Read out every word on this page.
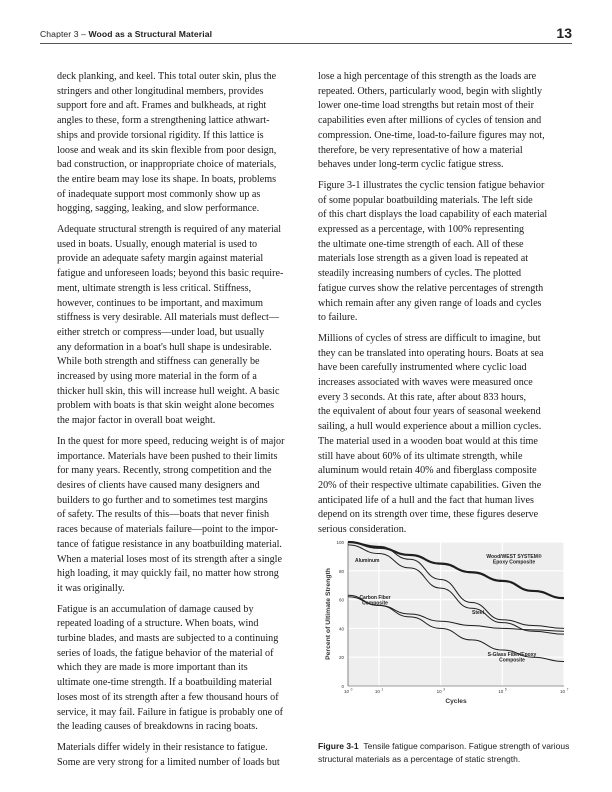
Chapter 3 – Wood as a Structural Material	13

deck planking, and keel. This total outer skin, plus the
stringers and other longitudinal members, provides
support fore and aft. Frames and bulkheads, at right
angles to these, form a strengthening lattice athwart-
ships and provide torsional rigidity. If this lattice is
loose and weak and its skin flexible from poor design,
bad construction, or inappropriate choice of materials,
the entire beam may lose its shape. In boats, problems
of inadequate support most commonly show up as
hogging, sagging, leaking, and slow performance.

Adequate structural strength is required of any material
used in boats. Usually, enough material is used to
provide an adequate safety margin against material
fatigue and unforeseen loads; beyond this basic require-
ment, ultimate strength is less critical. Stiffness,
however, continues to be important, and maximum
stiffness is very desirable. All materials must deflect—
either stretch or compress—under load, but usually
any deformation in a boat's hull shape is undesirable.
While both strength and stiffness can generally be
increased by using more material in the form of a
thicker hull skin, this will increase hull weight. A basic
problem with boats is that skin weight alone becomes
the major factor in overall boat weight.

In the quest for more speed, reducing weight is of major
importance. Materials have been pushed to their limits
for many years. Recently, strong competition and the
desires of clients have caused many designers and
builders to go further and to sometimes test margins
of safety. The results of this—boats that never finish
races because of materials failure—point to the impor-
tance of fatigue resistance in any boatbuilding material.
When a material loses most of its strength after a single
high loading, it may quickly fail, no matter how strong
it was originally.

Fatigue is an accumulation of damage caused by
repeated loading of a structure. When boats, wind
turbine blades, and masts are subjected to a continuing
series of loads, the fatigue behavior of the material of
which they are made is more important than its
ultimate one-time strength. If a boatbuilding material
loses most of its strength after a few thousand hours of
service, it may fail. Failure in fatigue is probably one of
the leading causes of breakdowns in racing boats.

Materials differ widely in their resistance to fatigue.
Some are very strong for a limited number of loads but

lose a high percentage of this strength as the loads are
repeated. Others, particularly wood, begin with slightly
lower one-time load strengths but retain most of their
capabilities even after millions of cycles of tension and
compression. One-time, load-to-failure figures may not,
therefore, be very representative of how a material
behaves under long-term cyclic fatigue stress.

Figure 3-1 illustrates the cyclic tension fatigue behavior
of some popular boatbuilding materials. The left side
of this chart displays the load capability of each material
expressed as a percentage, with 100% representing
the ultimate one-time strength of each. All of these
materials lose strength as a given load is repeated at
steadily increasing numbers of cycles. The plotted
fatigue curves show the relative percentages of strength
which remain after any given range of loads and cycles
to failure.

Millions of cycles of stress are difficult to imagine, but
they can be translated into operating hours. Boats at sea
have been carefully instrumented where cyclic load
increases associated with waves were measured once
every 3 seconds. At this rate, after about 833 hours,
the equivalent of about four years of seasonal weekend
sailing, a hull would experience about a million cycles.
The material used in a wooden boat would at this time
still have about 60% of its ultimate strength, while
aluminum would retain 40% and fiberglass composite
20% of their respective ultimate capabilities. Given the
anticipated life of a hull and the fact that human lives
depend on its strength over time, these figures deserve
serious consideration.

0
20
40
60
80
100
10 0	10 1	10 3	10 5	10 7
Cycles
Percent of Ultimate Strength
Wood/WEST SYSTEM®
Epoxy Composite
Aluminum
Carbon Fiber
Composite
Steel
S-Glass Fiber/Epoxy
Composite
Figure 3-1 Tensile fatigue comparison. Fatigue strength of various structural materials as a percentage of static strength.
